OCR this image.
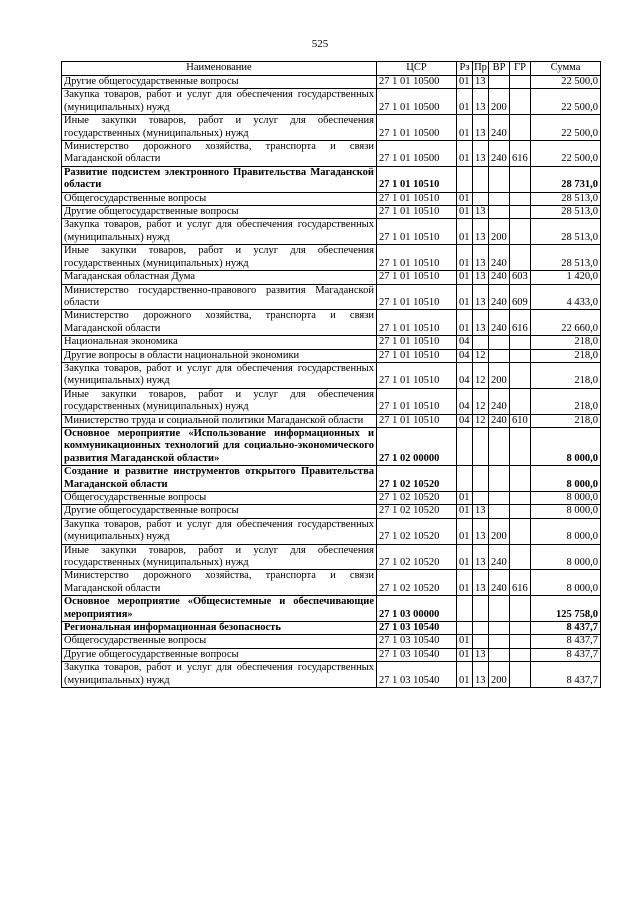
525
Наименование	ЦСР	Рз	Пр	ВР	ГР	Сумма
Другие общегосударственные вопросы	27 1 01 10500	01	13			22 500,0
Закупка товаров, работ и услуг для обеспечения государственных (муниципальных) нужд	27 1 01 10500	01	13	200		22 500,0
Иные закупки товаров, работ и услуг для обеспечения государственных (муниципальных) нужд	27 1 01 10500	01	13	240		22 500,0
Министерство дорожного хозяйства, транспорта и связи Магаданской области	27 1 01 10500	01	13	240	616	22 500,0
Развитие подсистем электронного Правительства Магаданской области	27 1 01 10510					28 731,0
Общегосударственные вопросы	27 1 01 10510	01				28 513,0
Другие общегосударственные вопросы	27 1 01 10510	01	13			28 513,0
Закупка товаров, работ и услуг для обеспечения государственных (муниципальных) нужд	27 1 01 10510	01	13	200		28 513,0
Иные закупки товаров, работ и услуг для обеспечения государственных (муниципальных) нужд	27 1 01 10510	01	13	240		28 513,0
Магаданская областная Дума	27 1 01 10510	01	13	240	603	1 420,0
Министерство государственно-правового развития Магаданской области	27 1 01 10510	01	13	240	609	4 433,0
Министерство дорожного хозяйства, транспорта и связи Магаданской области	27 1 01 10510	01	13	240	616	22 660,0
Национальная экономика	27 1 01 10510	04				218,0
Другие вопросы в области национальной экономики	27 1 01 10510	04	12			218,0
Закупка товаров, работ и услуг для обеспечения государственных (муниципальных) нужд	27 1 01 10510	04	12	200		218,0
Иные закупки товаров, работ и услуг для обеспечения государственных (муниципальных) нужд	27 1 01 10510	04	12	240		218,0
Министерство труда и социальной политики Магаданской области	27 1 01 10510	04	12	240	610	218,0
Основное мероприятие «Использование информационных и коммуникационных технологий для социально-экономического развития Магаданской области»	27 1 02 00000					8 000,0
Создание и развитие инструментов открытого Правительства Магаданской области	27 1 02 10520					8 000,0
Общегосударственные вопросы	27 1 02 10520	01				8 000,0
Другие общегосударственные вопросы	27 1 02 10520	01	13			8 000,0
Закупка товаров, работ и услуг для обеспечения государственных (муниципальных) нужд	27 1 02 10520	01	13	200		8 000,0
Иные закупки товаров, работ и услуг для обеспечения государственных (муниципальных) нужд	27 1 02 10520	01	13	240		8 000,0
Министерство дорожного хозяйства, транспорта и связи Магаданской области	27 1 02 10520	01	13	240	616	8 000,0
Основное мероприятие «Общесистемные и обеспечивающие мероприятия»	27 1 03 00000					125 758,0
Региональная информационная безопасность	27 1 03 10540					8 437,7
Общегосударственные вопросы	27 1 03 10540	01				8 437,7
Другие общегосударственные вопросы	27 1 03 10540	01	13			8 437,7
Закупка товаров, работ и услуг для обеспечения государственных (муниципальных) нужд	27 1 03 10540	01	13	200		8 437,7
